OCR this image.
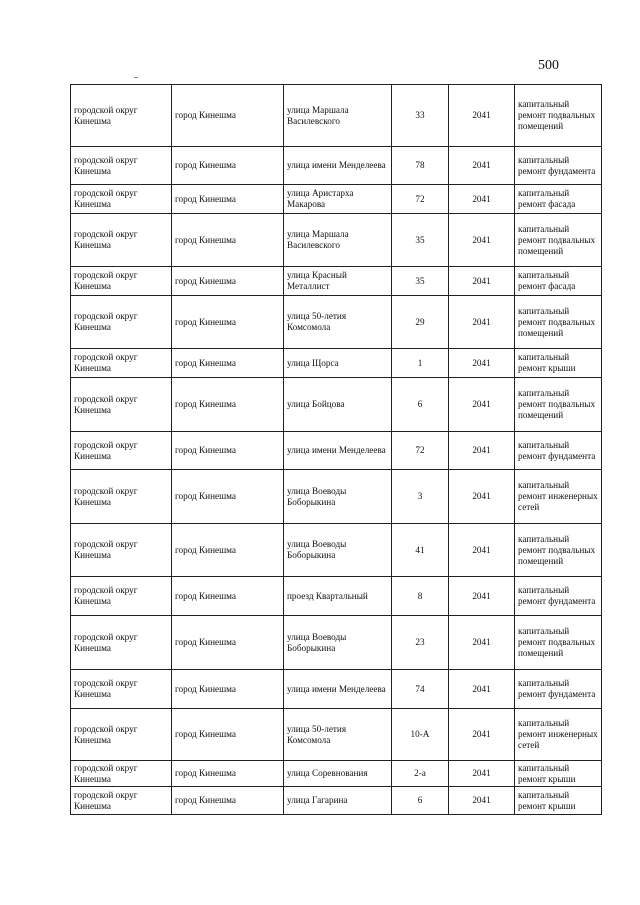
500
городской округ Кинешма	город Кинешма	улица Маршала Василевского	33	2041	капитальный ремонт подвальных помещений
городской округ Кинешма	город Кинешма	улица имени Менделеева	78	2041	капитальный ремонт фундамента
городской округ Кинешма	город Кинешма	улица Аристарха Макарова	72	2041	капитальный ремонт фасада
городской округ Кинешма	город Кинешма	улица Маршала Василевского	35	2041	капитальный ремонт подвальных помещений
городской округ Кинешма	город Кинешма	улица Красный Металлист	35	2041	капитальный ремонт фасада
городской округ Кинешма	город Кинешма	улица 50-летия Комсомола	29	2041	капитальный ремонт подвальных помещений
городской округ Кинешма	город Кинешма	улица Щорса	1	2041	капитальный ремонт крыши
городской округ Кинешма	город Кинешма	улица Бойцова	6	2041	капитальный ремонт подвальных помещений
городской округ Кинешма	город Кинешма	улица имени Менделеева	72	2041	капитальный ремонт фундамента
городской округ Кинешма	город Кинешма	улица Воеводы Боборыкина	3	2041	капитальный ремонт инженерных сетей
городской округ Кинешма	город Кинешма	улица Воеводы Боборыкина	41	2041	капитальный ремонт подвальных помещений
городской округ Кинешма	город Кинешма	проезд Квартальный	8	2041	капитальный ремонт фундамента
городской округ Кинешма	город Кинешма	улица Воеводы Боборыкина	23	2041	капитальный ремонт подвальных помещений
городской округ Кинешма	город Кинешма	улица имени Менделеева	74	2041	капитальный ремонт фундамента
городской округ Кинешма	город Кинешма	улица 50-летия Комсомола	10-А	2041	капитальный ремонт инженерных сетей
городской округ Кинешма	город Кинешма	улица Соревнования	2-а	2041	капитальный ремонт крыши
городской округ Кинешма	город Кинешма	улица Гагарина	6	2041	капитальный ремонт крыши
